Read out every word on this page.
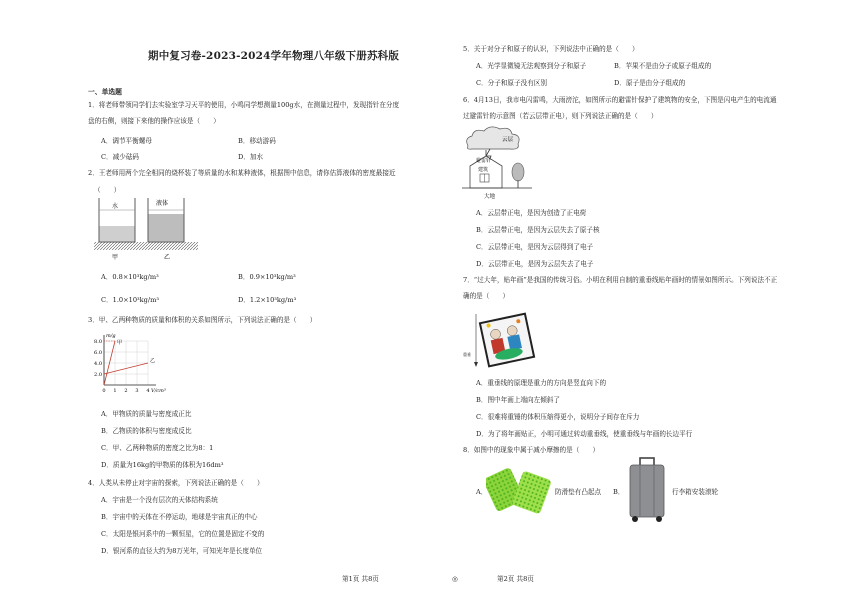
期中复习卷-2023-2024学年物理八年级下册苏科版
一、单选题
1．将老师带领同学们去实验室学习天平的使用，小鸣同学想测量100g水，在测量过程中，发现指针在分度
盘的右侧，则接下来他的操作应该是（　　）
A．调节平衡螺母	B．移动游码
C．减少砝码	D．加水
2．王老师用两个完全相同的烧杯装了等质量的水和某种液体，根据图中信息，请你估算液体的密度最接近
（　　）
水	液体
甲	乙
A．0.8×10³kg/m³	B．0.9×10³kg/m³
C．1.0×10³kg/m³	D．1.2×10³kg/m³
3．甲、乙两种物质的质量和体积的关系如图所示，下列说法正确的是（　　）
8.0
6.0
4.0
2.0
0 1 2 3 4
m/g
V/cm³
甲
乙
A．甲物质的质量与密度成正比
B．乙物质的体积与密度成反比
C．甲、乙两种物质的密度之比为8：1
D．质量为16kg的甲物质的体积为16dm³
4．人类从未停止对宇宙的探索，下列说法正确的是（　　）
A．宇宙是一个没有层次的天体结构系统
B．宇宙中的天体在不停运动，地球是宇宙真正的中心
C．太阳是银河系中的一颗恒星，它的位置是固定不变的
D．银河系的直径大约为8万光年，可知光年是长度单位
5．关于对分子和原子的认识，下列说法中正确的是（　　）
A．光学显微镜无法观察到分子和原子	B．苹果不是由分子或原子组成的
C．分子和原子没有区别	D．原子是由分子组成的
6．4月13日，我市电闪雷鸣，大雨滂沱，如图所示的避雷针保护了建筑物的安全，下图是闪电产生的电流通
过避雷针的示意图（若云层带正电），则下列说法正确的是（　　）
云层
避雷针
建筑
大地
A．云层带正电，是因为创造了正电荷
B．云层带正电，是因为云层失去了原子核
C．云层带正电，是因为云层得到了电子
D．云层带正电，是因为云层失去了电子
7．“过大年，贴年画”是我国的传统习俗。小明在利用自制的重垂线贴年画时的情景如图所示。下列说法不正
确的是（　　）
重垂
A．重垂线的原理是重力的方向是竖直向下的
B．图中年画上端向左倾斜了
C．很难将重锤的体积压缩得更小，说明分子间存在斥力
D．为了将年画贴正，小明可通过转动重垂线，使重垂线与年画的长边平行
8．如图中的现象中属于减小摩擦的是（　　）
A．	防滑垫有凸起点 B．	行李箱安装滚轮
第1页 共8页	◎	第2页 共8页
